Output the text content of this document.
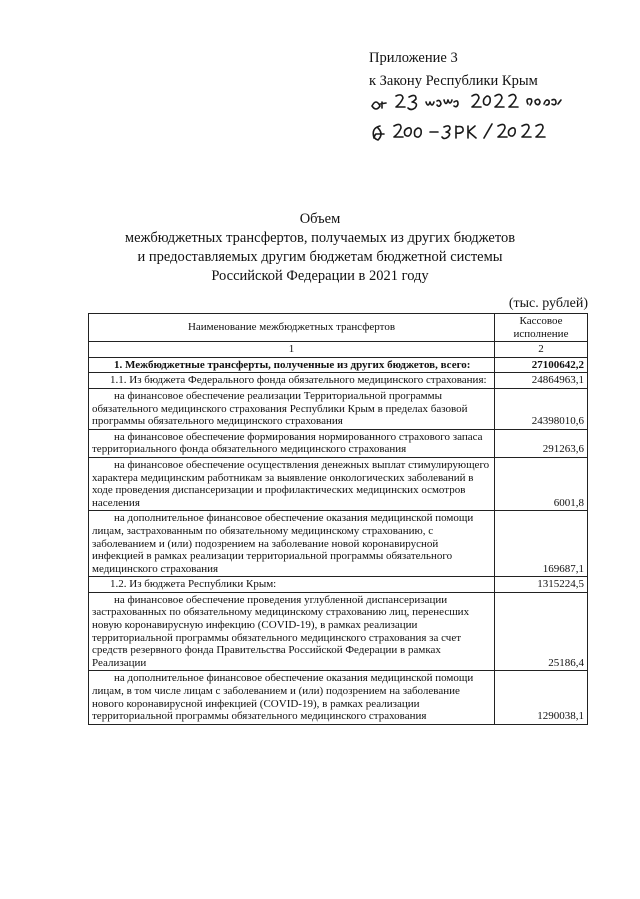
Приложение 3
к Закону Республики Крым
Объем
межбюджетных трансфертов, получаемых из других бюджетов
и предоставляемых другим бюджетам бюджетной системы
Российской Федерации в 2021 году
(тыс. рублей)
Наименование межбюджетных трансфертов	Кассовое исполнение
1	2
1. Межбюджетные трансферты, полученные из других бюджетов, всего:	27100642,2
1.1. Из бюджета Федерального фонда обязательного медицинского страхования:	24864963,1
на финансовое обеспечение реализации Территориальной программы обязательного медицинского страхования Республики Крым в пределах базовой программы обязательного медицинского страхования	24398010,6
на финансовое обеспечение формирования нормированного страхового запаса территориального фонда обязательного медицинского страхования	291263,6
на финансовое обеспечение осуществления денежных выплат стимулирующего характера медицинским работникам за выявление онкологических заболеваний в ходе проведения диспансеризации и профилактических медицинских осмотров населения	6001,8
на дополнительное финансовое обеспечение оказания медицинской помощи лицам, застрахованным по обязательному медицинскому страхованию, с заболеванием и (или) подозрением на заболевание новой коронавирусной инфекцией в рамках реализации территориальной программы обязательного медицинского страхования	169687,1
1.2. Из бюджета Республики Крым:	1315224,5
на финансовое обеспечение проведения углубленной диспансеризации застрахованных по обязательному медицинскому страхованию лиц, перенесших новую коронавирусную инфекцию (COVID-19), в рамках реализации территориальной программы обязательного медицинского страхования за счет средств резервного фонда Правительства Российской Федерации в рамках Реализации	25186,4
на дополнительное финансовое обеспечение оказания медицинской помощи лицам, в том числе лицам с заболеванием и (или) подозрением на заболевание нового коронавирусной инфекцией (COVID-19), в рамках реализации территориальной программы обязательного медицинского страхования	1290038,1
